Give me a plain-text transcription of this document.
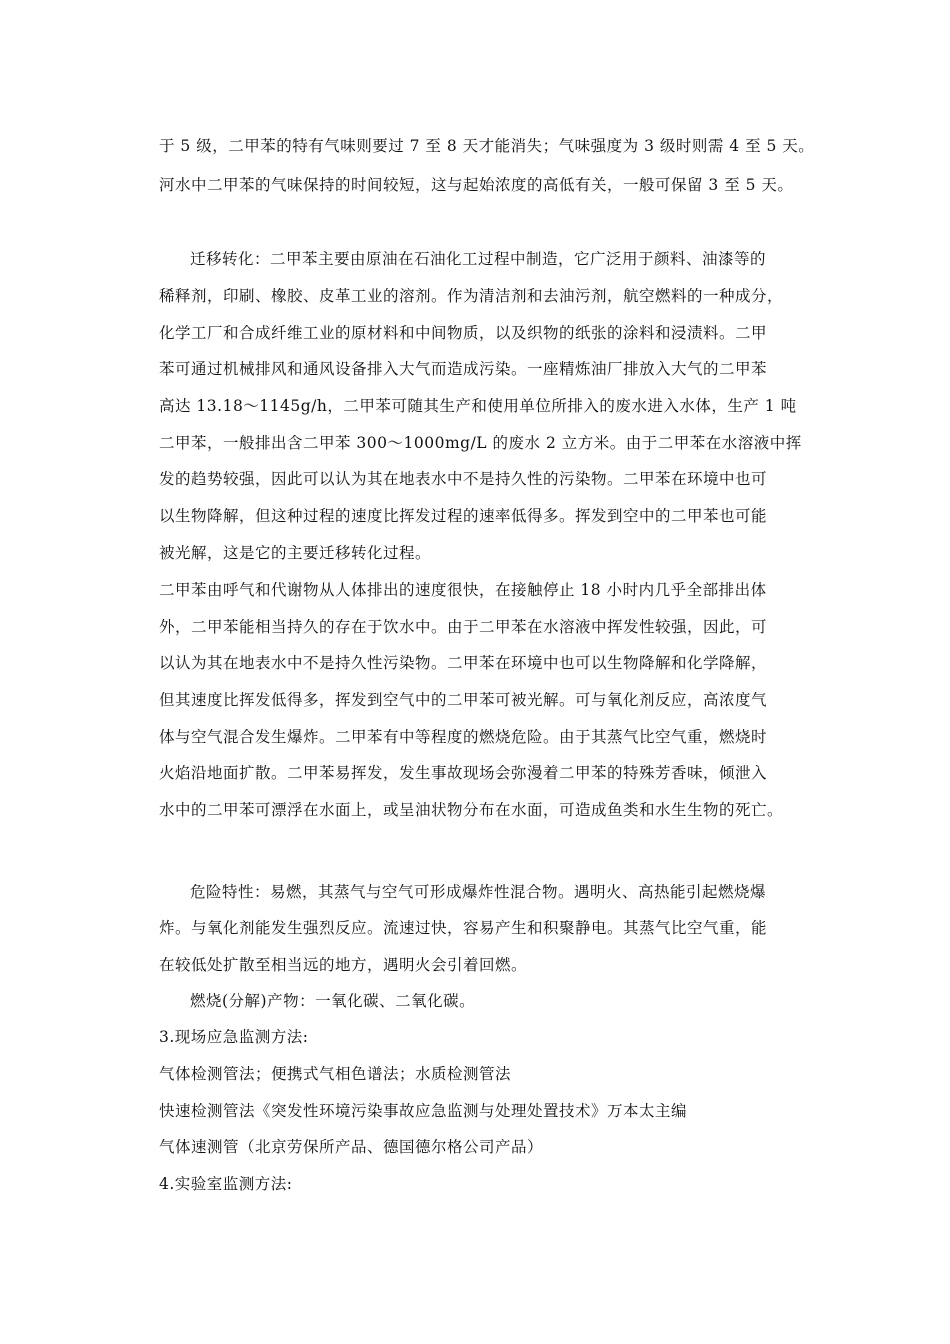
于 5 级，二甲苯的特有气味则要过 7 至 8 天才能消失；气味强度为 3 级时则需 4 至 5 天。
河水中二甲苯的气味保持的时间较短，这与起始浓度的高低有关，一般可保留 3 至 5 天。
迁移转化：二甲苯主要由原油在石油化工过程中制造，它广泛用于颜料、油漆等的
稀释剂，印刷、橡胶、皮革工业的溶剂。作为清洁剂和去油污剂，航空燃料的一种成分，
化学工厂和合成纤维工业的原材料和中间物质，以及织物的纸张的涂料和浸渍料。二甲
苯可通过机械排风和通风设备排入大气而造成污染。一座精炼油厂排放入大气的二甲苯
高达 13.18～1145g/h，二甲苯可随其生产和使用单位所排入的废水进入水体，生产 1 吨
二甲苯，一般排出含二甲苯 300～1000mg/L 的废水 2 立方米。由于二甲苯在水溶液中挥
发的趋势较强，因此可以认为其在地表水中不是持久性的污染物。二甲苯在环境中也可
以生物降解，但这种过程的速度比挥发过程的速率低得多。挥发到空中的二甲苯也可能
被光解，这是它的主要迁移转化过程。
二甲苯由呼气和代谢物从人体排出的速度很快，在接触停止 18 小时内几乎全部排出体
外，二甲苯能相当持久的存在于饮水中。由于二甲苯在水溶液中挥发性较强，因此，可
以认为其在地表水中不是持久性污染物。二甲苯在环境中也可以生物降解和化学降解，
但其速度比挥发低得多，挥发到空气中的二甲苯可被光解。可与氧化剂反应，高浓度气
体与空气混合发生爆炸。二甲苯有中等程度的燃烧危险。由于其蒸气比空气重，燃烧时
火焰沿地面扩散。二甲苯易挥发，发生事故现场会弥漫着二甲苯的特殊芳香味，倾泄入
水中的二甲苯可漂浮在水面上，或呈油状物分布在水面，可造成鱼类和水生生物的死亡。
危险特性：易燃，其蒸气与空气可形成爆炸性混合物。遇明火、高热能引起燃烧爆
炸。与氧化剂能发生强烈反应。流速过快，容易产生和积聚静电。其蒸气比空气重，能
在较低处扩散至相当远的地方，遇明火会引着回燃。
燃烧(分解)产物：一氧化碳、二氧化碳。
3.现场应急监测方法:
气体检测管法；便携式气相色谱法；水质检测管法
快速检测管法《突发性环境污染事故应急监测与处理处置技术》万本太主编
气体速测管（北京劳保所产品、德国德尔格公司产品）
4.实验室监测方法:
